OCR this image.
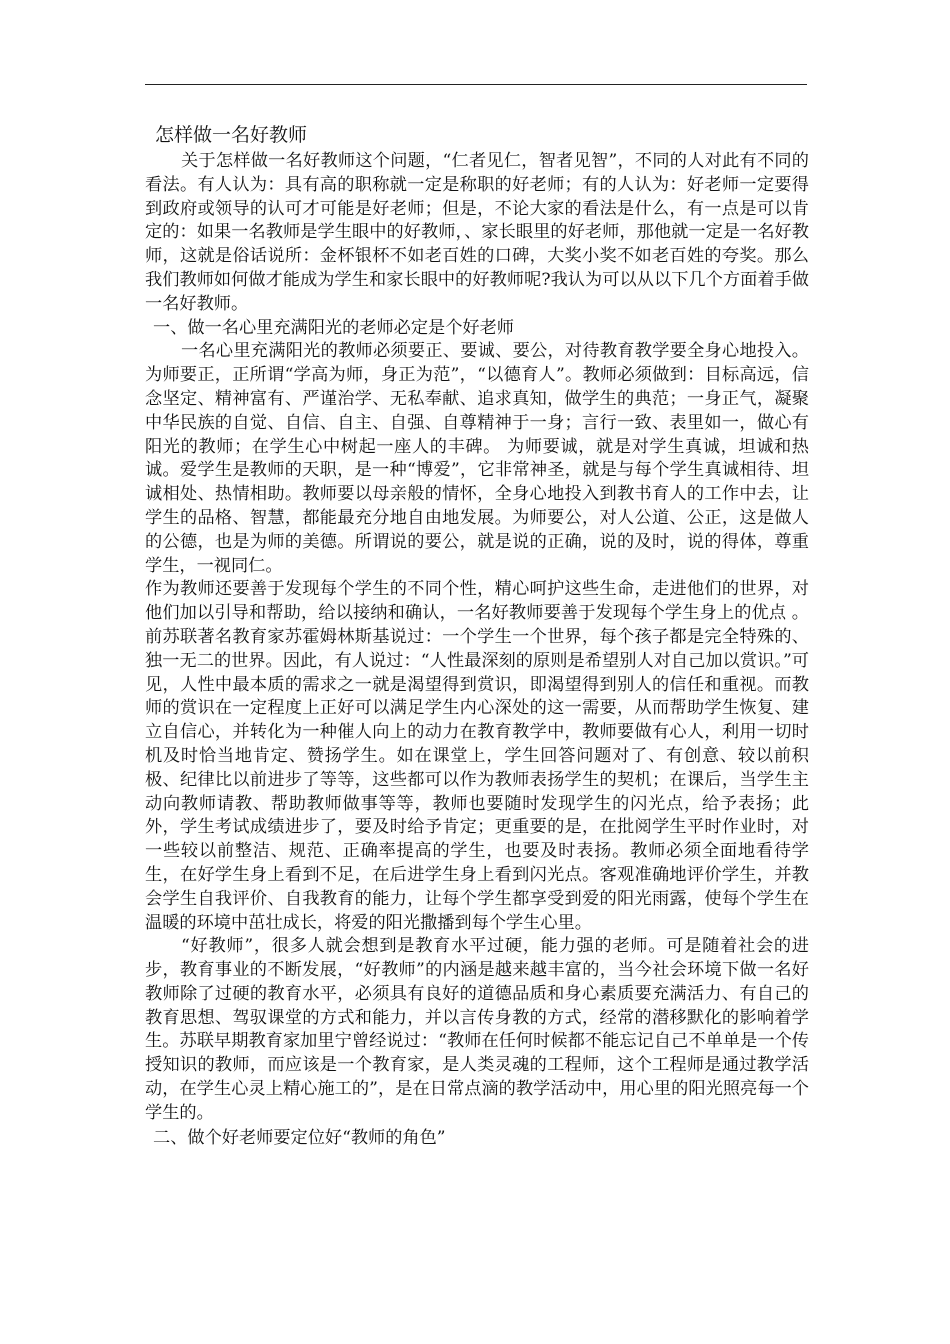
怎样做一名好教师

关于怎样做一名好教师这个问题，“仁者见仁，智者见智”，不同的人对此有不同的看法。有人认为：具有高的职称就一定是称职的好老师；有的人认为：好老师一定要得到政府或领导的认可才可能是好老师；但是，不论大家的看法是什么，有一点是可以肯定的：如果一名教师是学生眼中的好教师，、家长眼里的好老师，那他就一定是一名好教师，这就是俗话说所：金杯银杯不如老百姓的口碑，大奖小奖不如老百姓的夸奖。那么我们教师如何做才能成为学生和家长眼中的好教师呢?我认为可以从以下几个方面着手做一名好教师。

一、做一名心里充满阳光的老师必定是个好老师

一名心里充满阳光的教师必须要正、要诚、要公，对待教育教学要全身心地投入。为师要正，正所谓“学高为师，身正为范”，“以德育人”。教师必须做到：目标高远，信念坚定、精神富有、严谨治学、无私奉献、追求真知，做学生的典范；一身正气，凝聚中华民族的自觉、自信、自主、自强、自尊精神于一身；言行一致、表里如一，做心有阳光的教师；在学生心中树起一座人的丰碑。 为师要诚，就是对学生真诚，坦诚和热诚。爱学生是教师的天职，是一种“博爱”，它非常神圣，就是与每个学生真诚相待、坦诚相处、热情相助。教师要以母亲般的情怀，全身心地投入到教书育人的工作中去，让学生的品格、智慧，都能最充分地自由地发展。为师要公，对人公道、公正，这是做人的公德，也是为师的美德。所谓说的要公，就是说的正确，说的及时，说的得体，尊重学生，一视同仁。

作为教师还要善于发现每个学生的不同个性，精心呵护这些生命，走进他们的世界，对他们加以引导和帮助，给以接纳和确认，一名好教师要善于发现每个学生身上的优点 。前苏联著名教育家苏霍姆林斯基说过：一个学生一个世界，每个孩子都是完全特殊的、独一无二的世界。因此，有人说过：“人性最深刻的原则是希望别人对自己加以赏识。”可见，人性中最本质的需求之一就是渴望得到赏识，即渴望得到别人的信任和重视。而教师的赏识在一定程度上正好可以满足学生内心深处的这一需要，从而帮助学生恢复、建立自信心，并转化为一种催人向上的动力在教育教学中，教师要做有心人，利用一切时机及时恰当地肯定、赞扬学生。如在课堂上，学生回答问题对了、有创意、较以前积极、纪律比以前进步了等等，这些都可以作为教师表扬学生的契机；在课后，当学生主动向教师请教、帮助教师做事等等，教师也要随时发现学生的闪光点，给予表扬；此外，学生考试成绩进步了，要及时给予肯定；更重要的是，在批阅学生平时作业时，对一些较以前整洁、规范、正确率提高的学生，也要及时表扬。教师必须全面地看待学生，在好学生身上看到不足，在后进学生身上看到闪光点。客观准确地评价学生，并教会学生自我评价、自我教育的能力，让每个学生都享受到爱的阳光雨露，使每个学生在温暖的环境中茁壮成长，将爱的阳光撒播到每个学生心里。

“好教师”，很多人就会想到是教育水平过硬，能力强的老师。可是随着社会的进步，教育事业的不断发展，“好教师”的内涵是越来越丰富的，当今社会环境下做一名好教师除了过硬的教育水平，必须具有良好的道德品质和身心素质要充满活力、有自己的教育思想、驾驭课堂的方式和能力，并以言传身教的方式，经常的潜移默化的影响着学生。苏联早期教育家加里宁曾经说过：“教师在任何时候都不能忘记自己不单单是一个传授知识的教师，而应该是一个教育家，是人类灵魂的工程师，这个工程师是通过教学活动，在学生心灵上精心施工的”，是在日常点滴的教学活动中，用心里的阳光照亮每一个学生的。

二、做个好老师要定位好“教师的角色”
